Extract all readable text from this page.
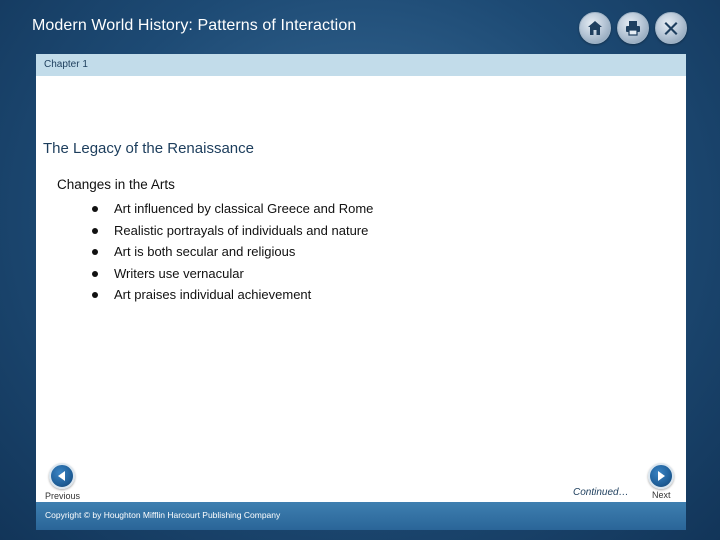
Modern World History: Patterns of Interaction
Chapter 1
The Legacy of the Renaissance
Changes in the Arts
Art influenced by classical Greece and Rome
Realistic portrayals of individuals and nature
Art is both secular and religious
Writers use vernacular
Art praises individual achievement
Previous	Continued…	Next
Copyright © by Houghton Mifflin Harcourt Publishing Company
